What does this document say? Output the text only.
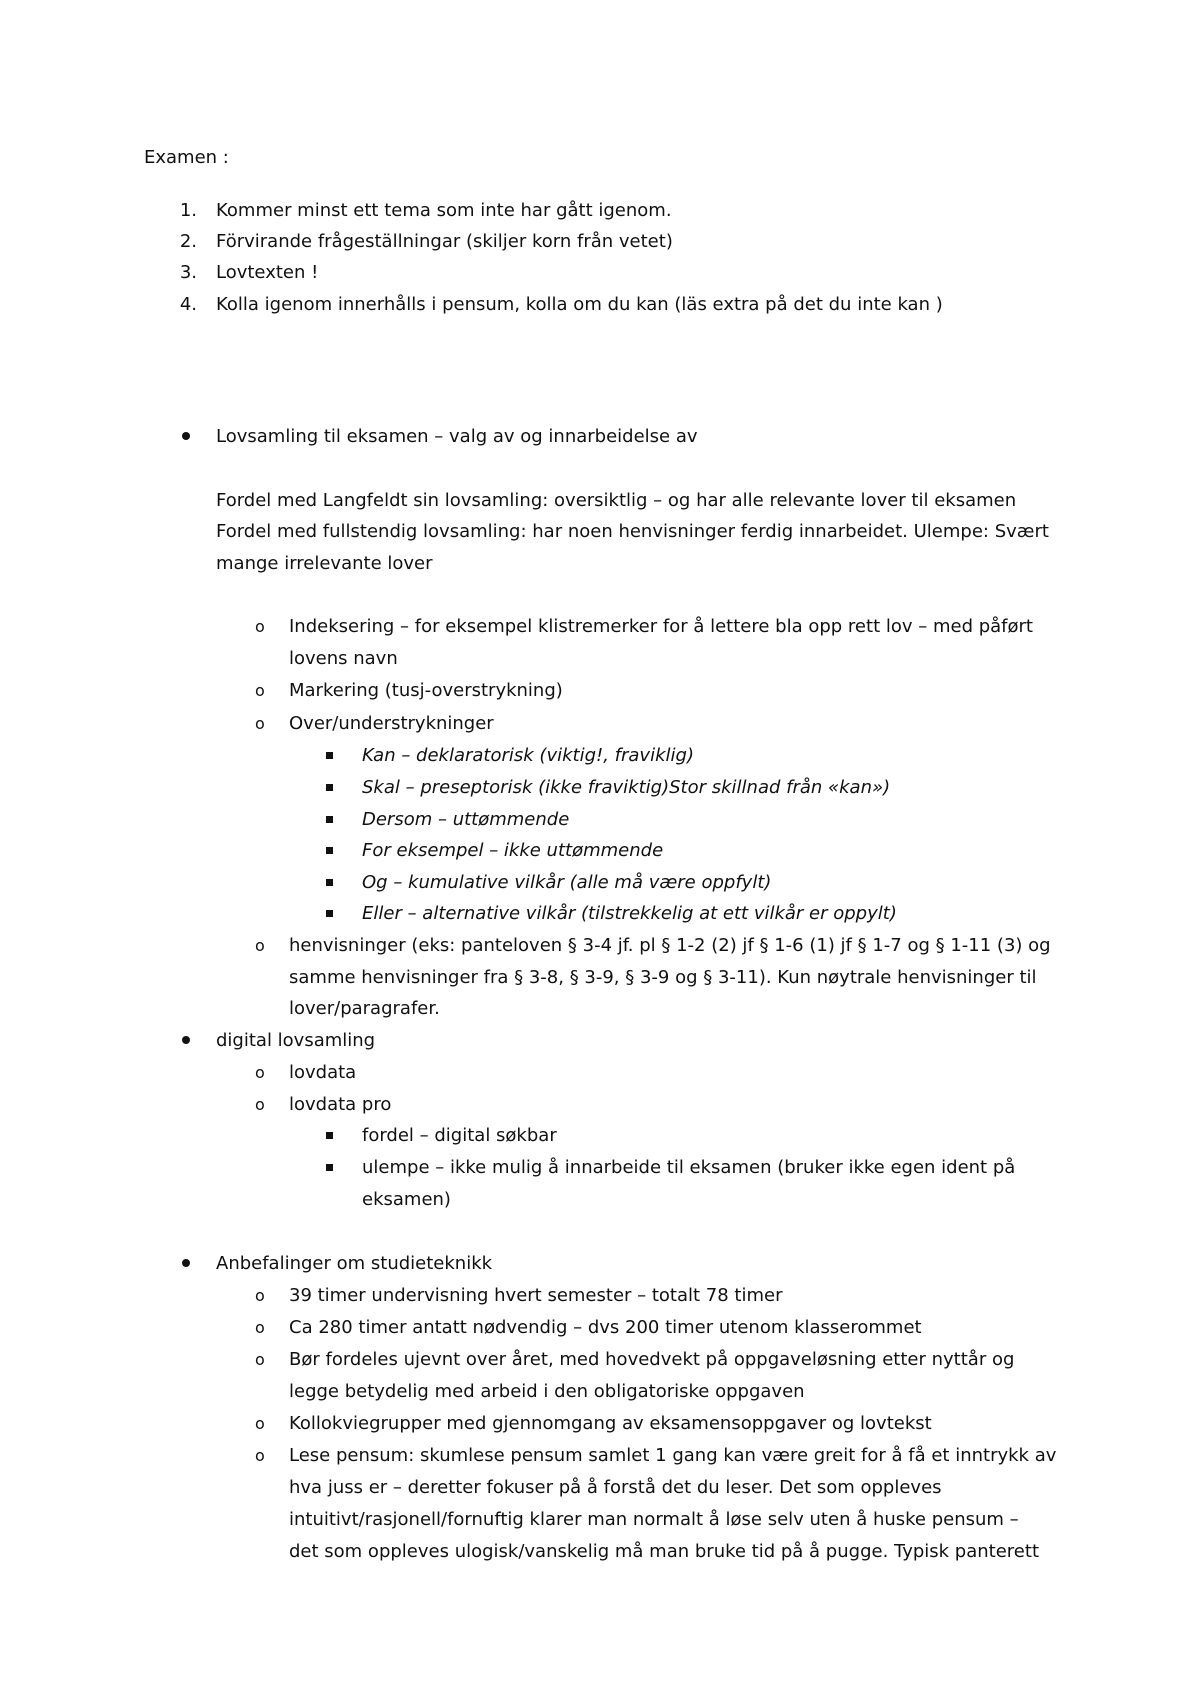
Examen :
1. Kommer minst ett tema som inte har gått igenom.
2. Förvirande frågeställningar (skiljer korn från vetet)
3. Lovtexten !
4. Kolla igenom innerhålls i pensum, kolla om du kan (läs extra på det du inte kan )
Lovsamling til eksamen – valg av og innarbeidelse av
Fordel med Langfeldt sin lovsamling: oversiktlig – og har alle relevante lover til eksamen
Fordel med fullstendig lovsamling: har noen henvisninger ferdig innarbeidet. Ulempe: Svært
mange irrelevante lover
o Indeksering – for eksempel klistremerker for å lettere bla opp rett lov – med påført
lovens navn
o Markering (tusj-overstrykning)
o Over/understrykninger
Kan – deklaratorisk (viktig!, fraviklig)
Skal – preseptorisk (ikke fraviktig)Stor skillnad från «kan»)
Dersom – uttømmende
For eksempel – ikke uttømmende
Og – kumulative vilkår (alle må være oppfylt)
Eller – alternative vilkår (tilstrekkelig at ett vilkår er oppylt)
o henvisninger (eks: panteloven § 3-4 jf. pl § 1-2 (2) jf § 1-6 (1) jf § 1-7 og § 1-11 (3) og
samme henvisninger fra § 3-8, § 3-9, § 3-9 og § 3-11). Kun nøytrale henvisninger til
lover/paragrafer.
digital lovsamling
o lovdata
o lovdata pro
fordel – digital søkbar
ulempe – ikke mulig å innarbeide til eksamen (bruker ikke egen ident på
eksamen)
Anbefalinger om studieteknikk
o 39 timer undervisning hvert semester – totalt 78 timer
o Ca 280 timer antatt nødvendig – dvs 200 timer utenom klasserommet
o Bør fordeles ujevnt over året, med hovedvekt på oppgaveløsning etter nyttår og
legge betydelig med arbeid i den obligatoriske oppgaven
o Kollokviegrupper med gjennomgang av eksamensoppgaver og lovtekst
o Lese pensum: skumlese pensum samlet 1 gang kan være greit for å få et inntrykk av
hva juss er – deretter fokuser på å forstå det du leser. Det som oppleves
intuitivt/rasjonell/fornuftig klarer man normalt å løse selv uten å huske pensum –
det som oppleves ulogisk/vanskelig må man bruke tid på å pugge. Typisk panterett
